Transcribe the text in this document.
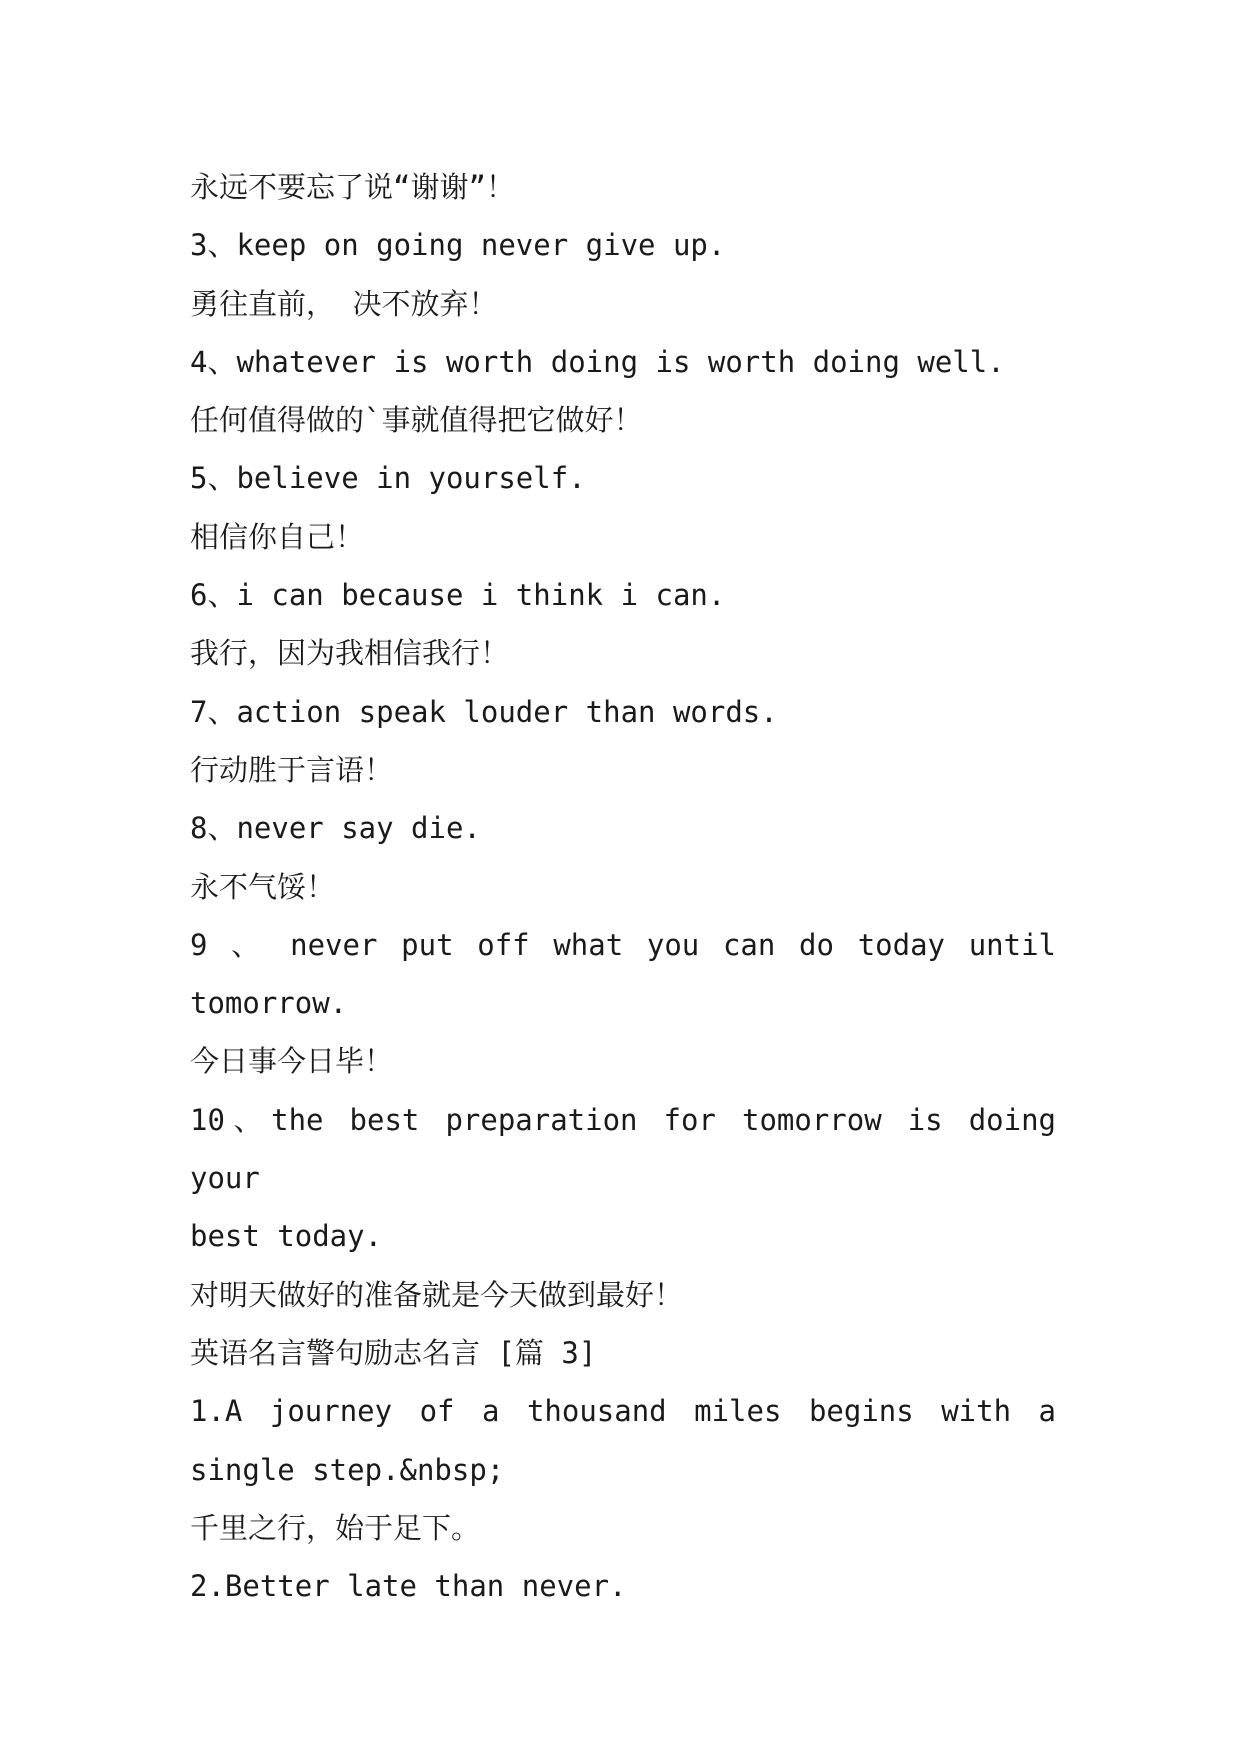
永远不要忘了说“谢谢”！

3、keep on going never give up.

勇往直前， 决不放弃！

4、whatever is worth doing is worth doing well.

任何值得做的`事就值得把它做好！

5、believe in yourself.

相信你自己！

6、i can because i think i can.

我行，因为我相信我行！

7、action speak louder than words.

行动胜于言语！

8、never say die.

永不气馁！

9 、 never put off what you can do today until

tomorrow.

今日事今日毕！

10、the best preparation for tomorrow is doing your

best today.

对明天做好的准备就是今天做到最好！

英语名言警句励志名言 [篇 3]

1.A journey of a thousand miles begins with a

single step.&nbsp;

千里之行，始于足下。

2.Better late than never.
